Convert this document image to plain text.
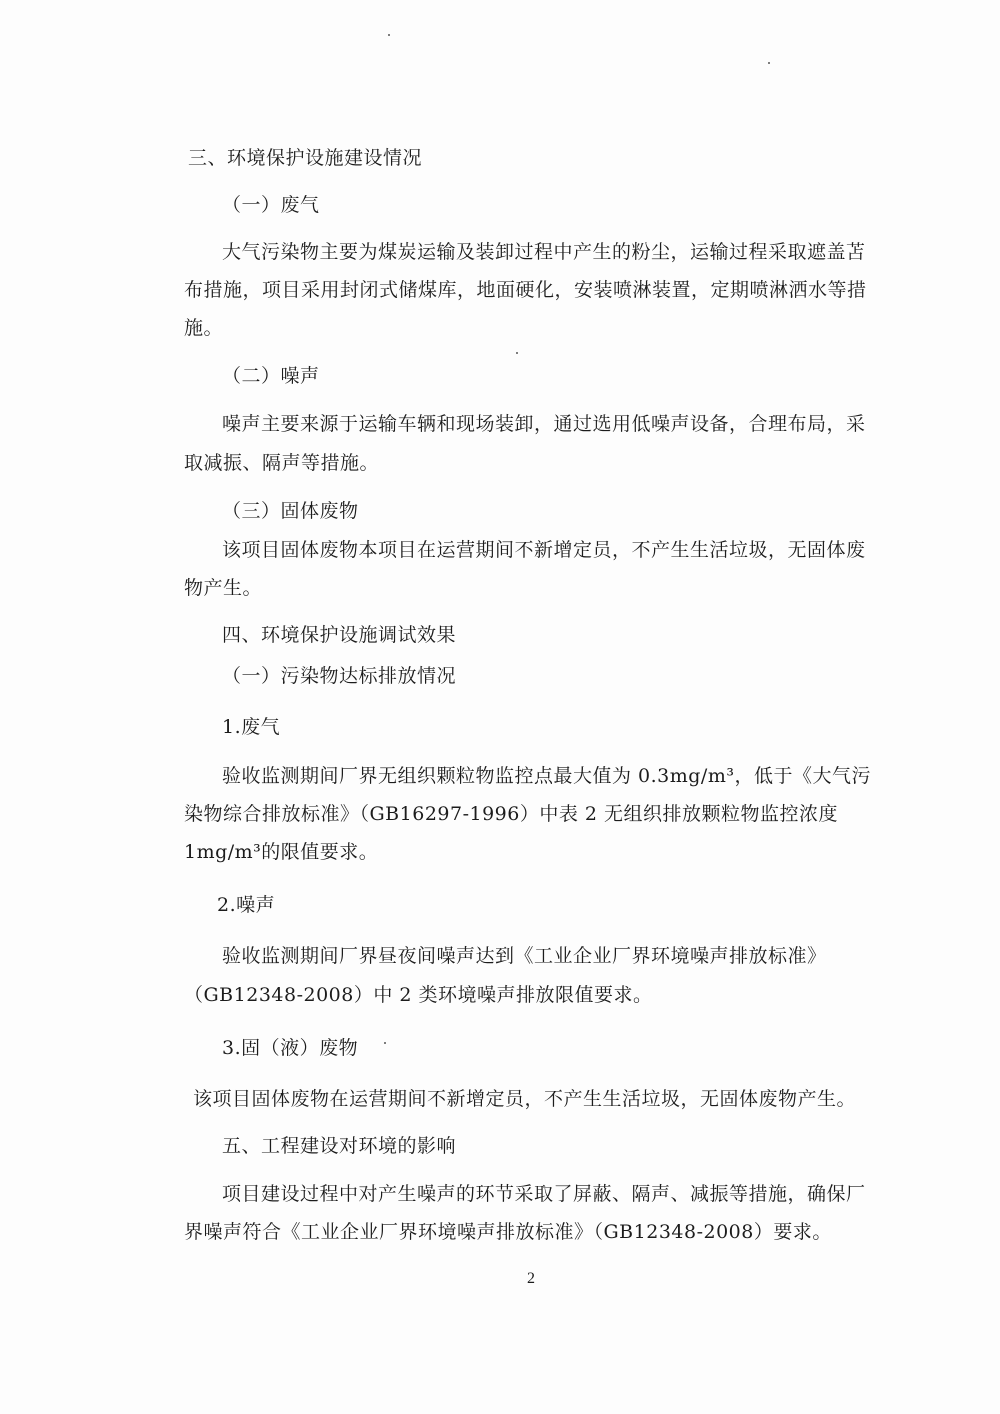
三、环境保护设施建设情况
（一）废气
大气污染物主要为煤炭运输及装卸过程中产生的粉尘，运输过程采取遮盖苫
布措施，项目采用封闭式储煤库，地面硬化，安装喷淋装置，定期喷淋洒水等措
施。
（二）噪声
噪声主要来源于运输车辆和现场装卸，通过选用低噪声设备，合理布局，采
取减振、隔声等措施。
（三）固体废物
该项目固体废物本项目在运营期间不新增定员，不产生生活垃圾，无固体废
物产生。
四、环境保护设施调试效果
（一）污染物达标排放情况
1.废气
验收监测期间厂界无组织颗粒物监控点最大值为 0.3mg/m³，低于《大气污
染物综合排放标准》（GB16297-1996）中表 2 无组织排放颗粒物监控浓度
1mg/m³的限值要求。
2.噪声
验收监测期间厂界昼夜间噪声达到《工业企业厂界环境噪声排放标准》
（GB12348-2008）中 2 类环境噪声排放限值要求。
3.固（液）废物
该项目固体废物在运营期间不新增定员，不产生生活垃圾，无固体废物产生。
五、工程建设对环境的影响
项目建设过程中对产生噪声的环节采取了屏蔽、隔声、减振等措施，确保厂
界噪声符合《工业企业厂界环境噪声排放标准》（GB12348-2008）要求。
2
